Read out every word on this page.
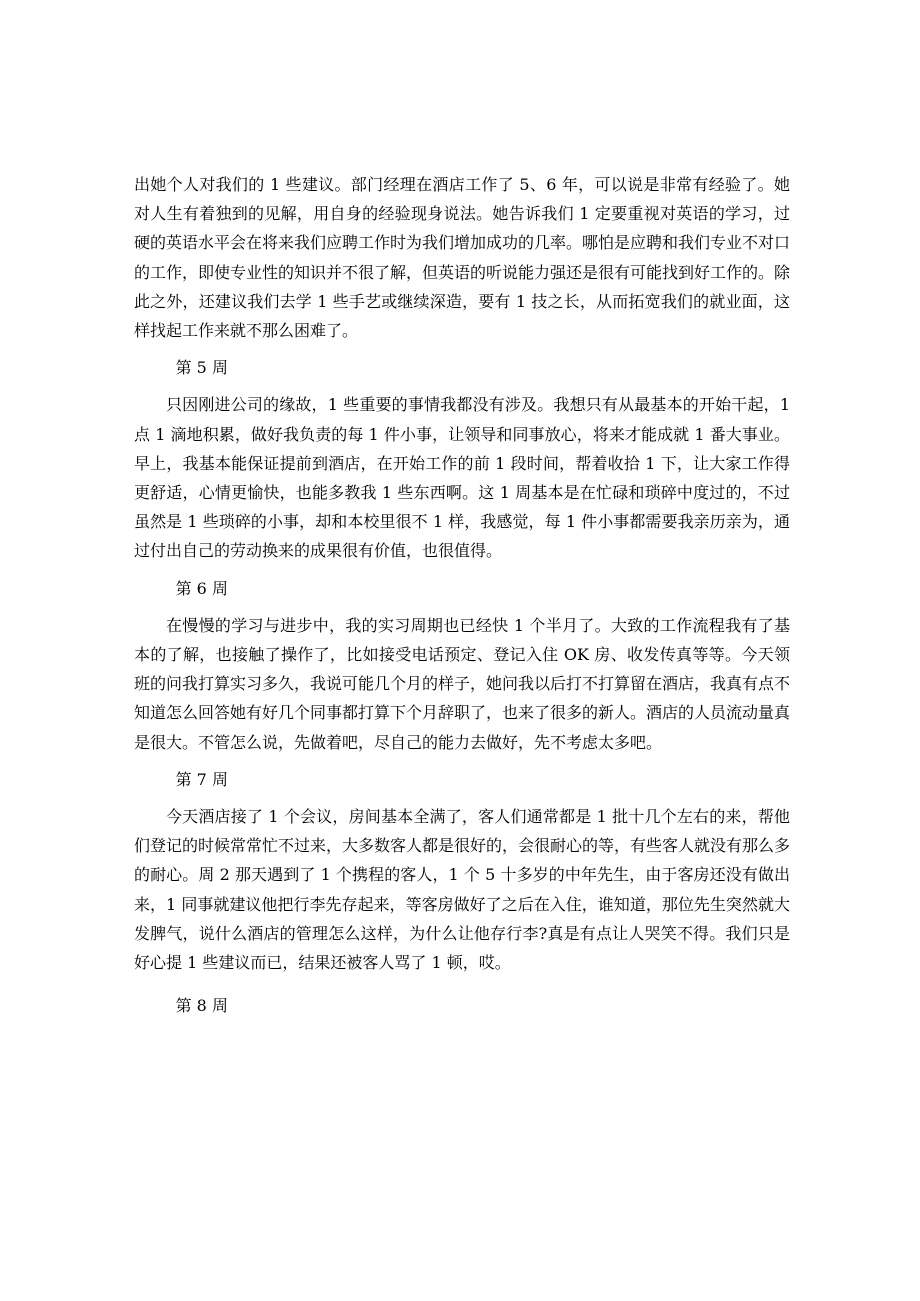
出她个人对我们的 1 些建议。部门经理在酒店工作了 5、6 年，可以说是非常有经验了。她对人生有着独到的见解，用自身的经验现身说法。她告诉我们 1 定要重视对英语的学习，过硬的英语水平会在将来我们应聘工作时为我们增加成功的几率。哪怕是应聘和我们专业不对口的工作，即使专业性的知识并不很了解，但英语的听说能力强还是很有可能找到好工作的。除此之外，还建议我们去学 1 些手艺或继续深造，要有 1 技之长，从而拓宽我们的就业面，这样找起工作来就不那么困难了。

第 5 周

只因刚进公司的缘故，1 些重要的事情我都没有涉及。我想只有从最基本的开始干起，1 点 1 滴地积累，做好我负责的每 1 件小事，让领导和同事放心，将来才能成就 1 番大事业。早上，我基本能保证提前到酒店，在开始工作的前 1 段时间，帮着收拾 1 下，让大家工作得更舒适，心情更愉快，也能多教我 1 些东西啊。这 1 周基本是在忙碌和琐碎中度过的，不过虽然是 1 些琐碎的小事，却和本校里很不 1 样，我感觉，每 1 件小事都需要我亲历亲为，通过付出自己的劳动换来的成果很有价值，也很值得。

第 6 周

在慢慢的学习与进步中，我的实习周期也已经快 1 个半月了。大致的工作流程我有了基本的了解，也接触了操作了，比如接受电话预定、登记入住 OK 房、收发传真等等。今天领班的问我打算实习多久，我说可能几个月的样子，她问我以后打不打算留在酒店，我真有点不知道怎么回答她有好几个同事都打算下个月辞职了，也来了很多的新人。酒店的人员流动量真是很大。不管怎么说，先做着吧，尽自己的能力去做好，先不考虑太多吧。

第 7 周

今天酒店接了 1 个会议，房间基本全满了，客人们通常都是 1 批十几个左右的来，帮他们登记的时候常常忙不过来，大多数客人都是很好的，会很耐心的等，有些客人就没有那么多的耐心。周 2 那天遇到了 1 个携程的客人，1 个 5 十多岁的中年先生，由于客房还没有做出来，1 同事就建议他把行李先存起来，等客房做好了之后在入住，谁知道，那位先生突然就大发脾气，说什么酒店的管理怎么这样，为什么让他存行李?真是有点让人哭笑不得。我们只是好心提 1 些建议而已，结果还被客人骂了 1 顿，哎。

第 8 周
